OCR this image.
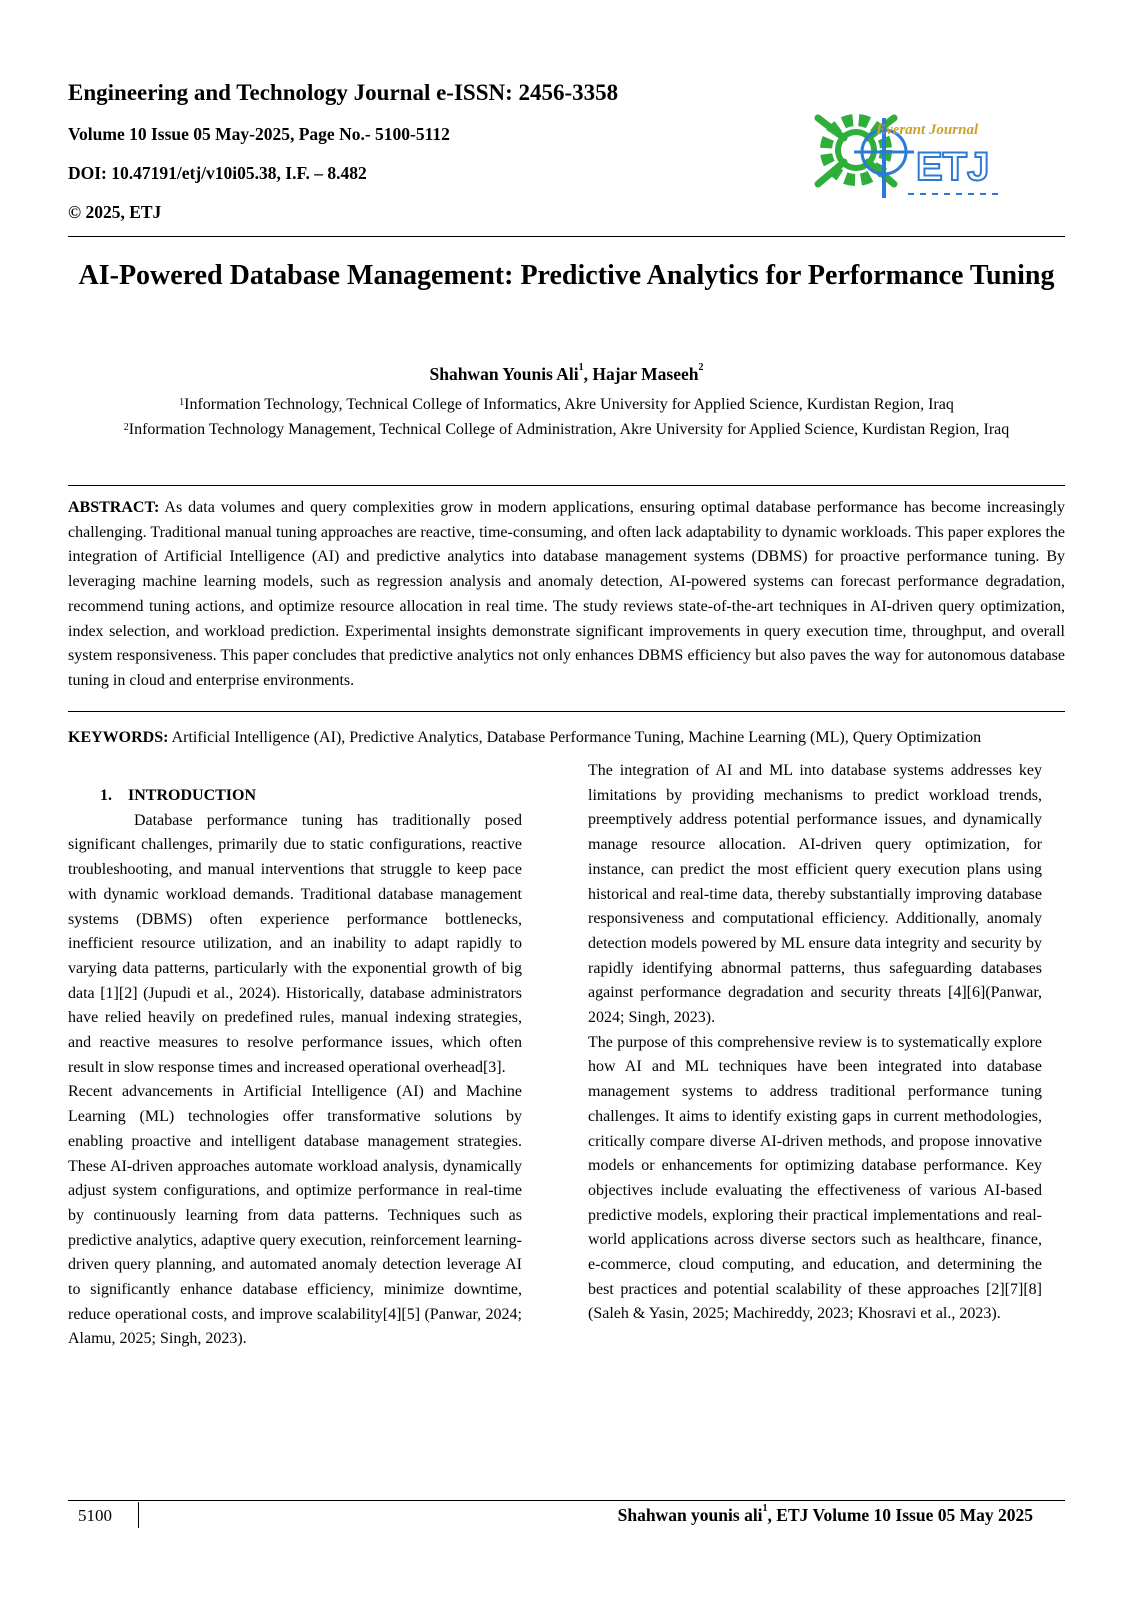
Engineering and Technology Journal e-ISSN: 2456-3358
Volume 10 Issue 05 May-2025, Page No.- 5100-5112
DOI: 10.47191/etj/v10i05.38, I.F. – 8.482
© 2025, ETJ
Everant Journal
ETJ
AI-Powered Database Management: Predictive Analytics for Performance Tuning
Shahwan Younis Ali$^1$, Hajar Maseeh$^2$
$^1$Information Technology, Technical College of Informatics, Akre University for Applied Science, Kurdistan Region, Iraq
$^2$Information Technology Management, Technical College of Administration, Akre University for Applied Science, Kurdistan Region, Iraq
ABSTRACT: As data volumes and query complexities grow in modern applications, ensuring optimal database performance has become increasingly challenging. Traditional manual tuning approaches are reactive, time-consuming, and often lack adaptability to dynamic workloads. This paper explores the integration of Artificial Intelligence (AI) and predictive analytics into database management systems (DBMS) for proactive performance tuning. By leveraging machine learning models, such as regression analysis and anomaly detection, AI-powered systems can forecast performance degradation, recommend tuning actions, and optimize resource allocation in real time. The study reviews state-of-the-art techniques in AI-driven query optimization, index selection, and workload prediction. Experimental insights demonstrate significant improvements in query execution time, throughput, and overall system responsiveness. This paper concludes that predictive analytics not only enhances DBMS efficiency but also paves the way for autonomous database tuning in cloud and enterprise environments.
KEYWORDS: Artificial Intelligence (AI), Predictive Analytics, Database Performance Tuning, Machine Learning (ML), Query Optimization

1.    INTRODUCTION

Database performance tuning has traditionally posed significant challenges, primarily due to static configurations, reactive troubleshooting, and manual interventions that struggle to keep pace with dynamic workload demands. Traditional database management systems (DBMS) often experience performance bottlenecks, inefficient resource utilization, and an inability to adapt rapidly to varying data patterns, particularly with the exponential growth of big data [1][2] (Jupudi et al., 2024). Historically, database administrators have relied heavily on predefined rules, manual indexing strategies, and reactive measures to resolve performance issues, which often result in slow response times and increased operational overhead[3].

Recent advancements in Artificial Intelligence (AI) and Machine Learning (ML) technologies offer transformative solutions by enabling proactive and intelligent database management strategies. These AI-driven approaches automate workload analysis, dynamically adjust system configurations, and optimize performance in real-time by continuously learning from data patterns. Techniques such as predictive analytics, adaptive query execution, reinforcement learning-driven query planning, and automated anomaly detection leverage AI to significantly enhance database efficiency, minimize downtime, reduce operational costs, and improve scalability[4][5] (Panwar, 2024; Alamu, 2025; Singh, 2023).

The integration of AI and ML into database systems addresses key limitations by providing mechanisms to predict workload trends, preemptively address potential performance issues, and dynamically manage resource allocation. AI-driven query optimization, for instance, can predict the most efficient query execution plans using historical and real-time data, thereby substantially improving database responsiveness and computational efficiency. Additionally, anomaly detection models powered by ML ensure data integrity and security by rapidly identifying abnormal patterns, thus safeguarding databases against performance degradation and security threats [4][6](Panwar, 2024; Singh, 2023).

The purpose of this comprehensive review is to systematically explore how AI and ML techniques have been integrated into database management systems to address traditional performance tuning challenges. It aims to identify existing gaps in current methodologies, critically compare diverse AI-driven methods, and propose innovative models or enhancements for optimizing database performance. Key objectives include evaluating the effectiveness of various AI-based predictive models, exploring their practical implementations and real-world applications across diverse sectors such as healthcare, finance, e-commerce, cloud computing, and education, and determining the best practices and potential scalability of these approaches [2][7][8](Saleh & Yasin, 2025; Machireddy, 2023; Khosravi et al., 2023).

5100	Shahwan younis ali$^1$, ETJ Volume 10 Issue 05 May 2025
